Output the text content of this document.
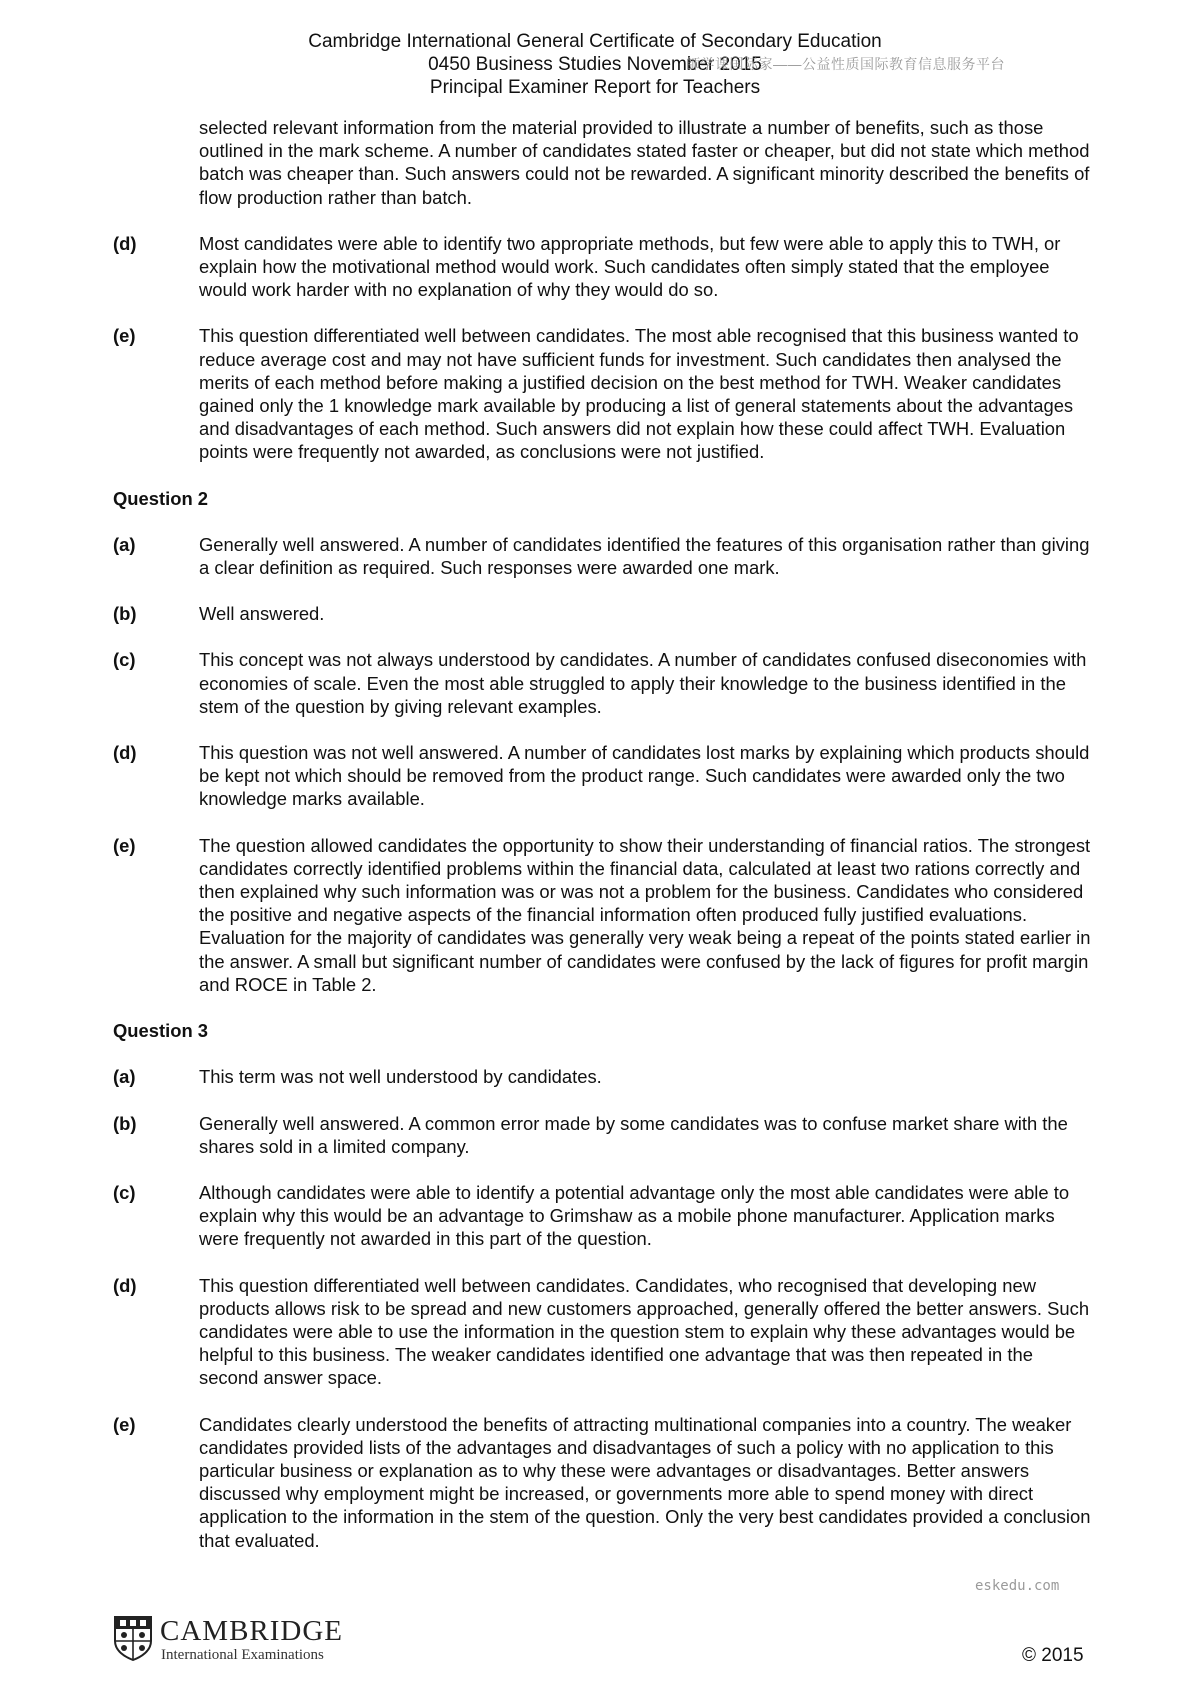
Cambridge International General Certificate of Secondary Education
0450 Business Studies November 2015
Principal Examiner Report for Teachers
師学课国际家——公益性质国际教育信息服务平台
selected relevant information from the material provided to illustrate a number of benefits, such as those outlined in the mark scheme. A number of candidates stated faster or cheaper, but did not state which method batch was cheaper than. Such answers could not be rewarded. A significant minority described the benefits of flow production rather than batch.
(d)	Most candidates were able to identify two appropriate methods, but few were able to apply this to TWH, or explain how the motivational method would work. Such candidates often simply stated that the employee would work harder with no explanation of why they would do so.
(e)	This question differentiated well between candidates. The most able recognised that this business wanted to reduce average cost and may not have sufficient funds for investment. Such candidates then analysed the merits of each method before making a justified decision on the best method for TWH. Weaker candidates gained only the 1 knowledge mark available by producing a list of general statements about the advantages and disadvantages of each method. Such answers did not explain how these could affect TWH. Evaluation points were frequently not awarded, as conclusions were not justified.
Question 2
(a)	Generally well answered. A number of candidates identified the features of this organisation rather than giving a clear definition as required. Such responses were awarded one mark.
(b)	Well answered.
(c)	This concept was not always understood by candidates. A number of candidates confused diseconomies with economies of scale. Even the most able struggled to apply their knowledge to the business identified in the stem of the question by giving relevant examples.
(d)	This question was not well answered. A number of candidates lost marks by explaining which products should be kept not which should be removed from the product range. Such candidates were awarded only the two knowledge marks available.
(e)	The question allowed candidates the opportunity to show their understanding of financial ratios. The strongest candidates correctly identified problems within the financial data, calculated at least two rations correctly and then explained why such information was or was not a problem for the business. Candidates who considered the positive and negative aspects of the financial information often produced fully justified evaluations. Evaluation for the majority of candidates was generally very weak being a repeat of the points stated earlier in the answer. A small but significant number of candidates were confused by the lack of figures for profit margin and ROCE in Table 2.
Question 3
(a)	This term was not well understood by candidates.
(b)	Generally well answered. A common error made by some candidates was to confuse market share with the shares sold in a limited company.
(c)	Although candidates were able to identify a potential advantage only the most able candidates were able to explain why this would be an advantage to Grimshaw as a mobile phone manufacturer. Application marks were frequently not awarded in this part of the question.
(d)	This question differentiated well between candidates. Candidates, who recognised that developing new products allows risk to be spread and new customers approached, generally offered the better answers. Such candidates were able to use the information in the question stem to explain why these advantages would be helpful to this business. The weaker candidates identified one advantage that was then repeated in the second answer space.
(e)	Candidates clearly understood the benefits of attracting multinational companies into a country. The weaker candidates provided lists of the advantages and disadvantages of such a policy with no application to this particular business or explanation as to why these were advantages or disadvantages. Better answers discussed why employment might be increased, or governments more able to spend money with direct application to the information in the stem of the question. Only the very best candidates provided a conclusion that evaluated.
eskedu.com
CAMBRIDGE
International Examinations	© 2015
